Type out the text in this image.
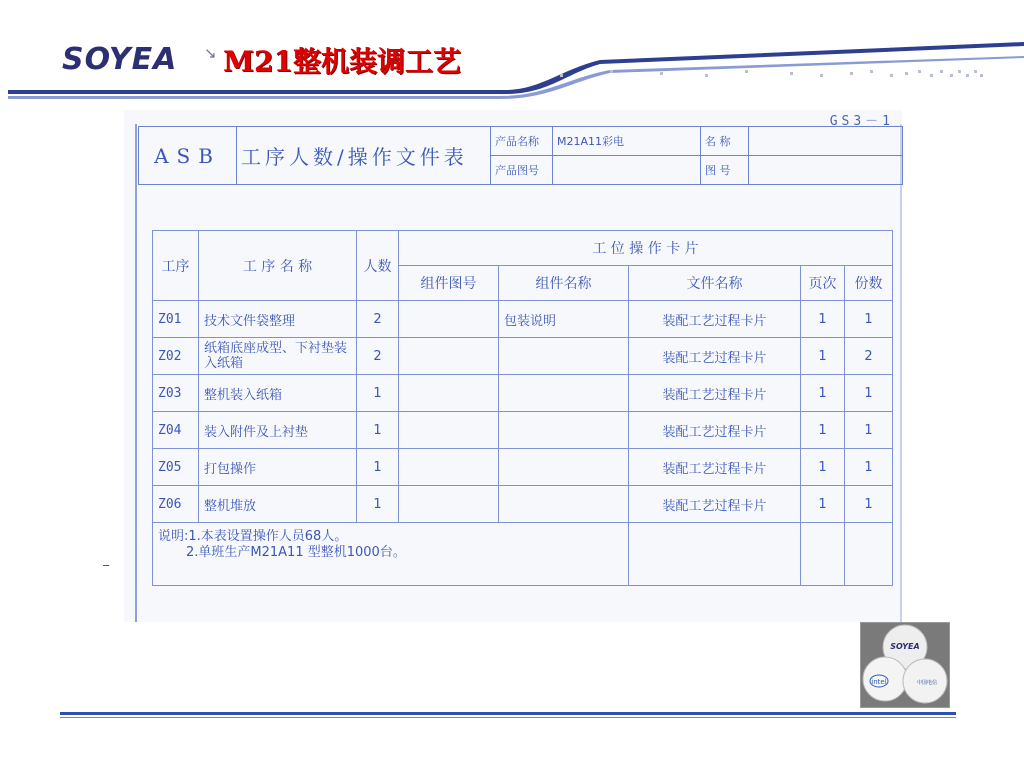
SOYEA ↘ M21整机装调工艺
GS3－1
ASB	工序人数/操作文件表	产品名称	M21A11彩电	名 称	
		产品图号		图 号	
工序	工 序 名 称	人数	工 位 操 作 卡 片				
			组件图号	组件名称	文件名称	页次	份数
Z01	技术文件袋整理	2		包装说明	装配工艺过程卡片	1	1
Z02	纸箱底座成型、下衬垫装入纸箱	2			装配工艺过程卡片	1	2
Z03	整机装入纸箱	1			装配工艺过程卡片	1	1
Z04	装入附件及上衬垫	1			装配工艺过程卡片	1	1
Z05	打包操作	1			装配工艺过程卡片	1	1
Z06	整机堆放	1			装配工艺过程卡片	1	1

说明:1.本表设置操作人员68人。
2.单班生产M21A11 型整机1000台。							

SOYEA
intel	中国电信
